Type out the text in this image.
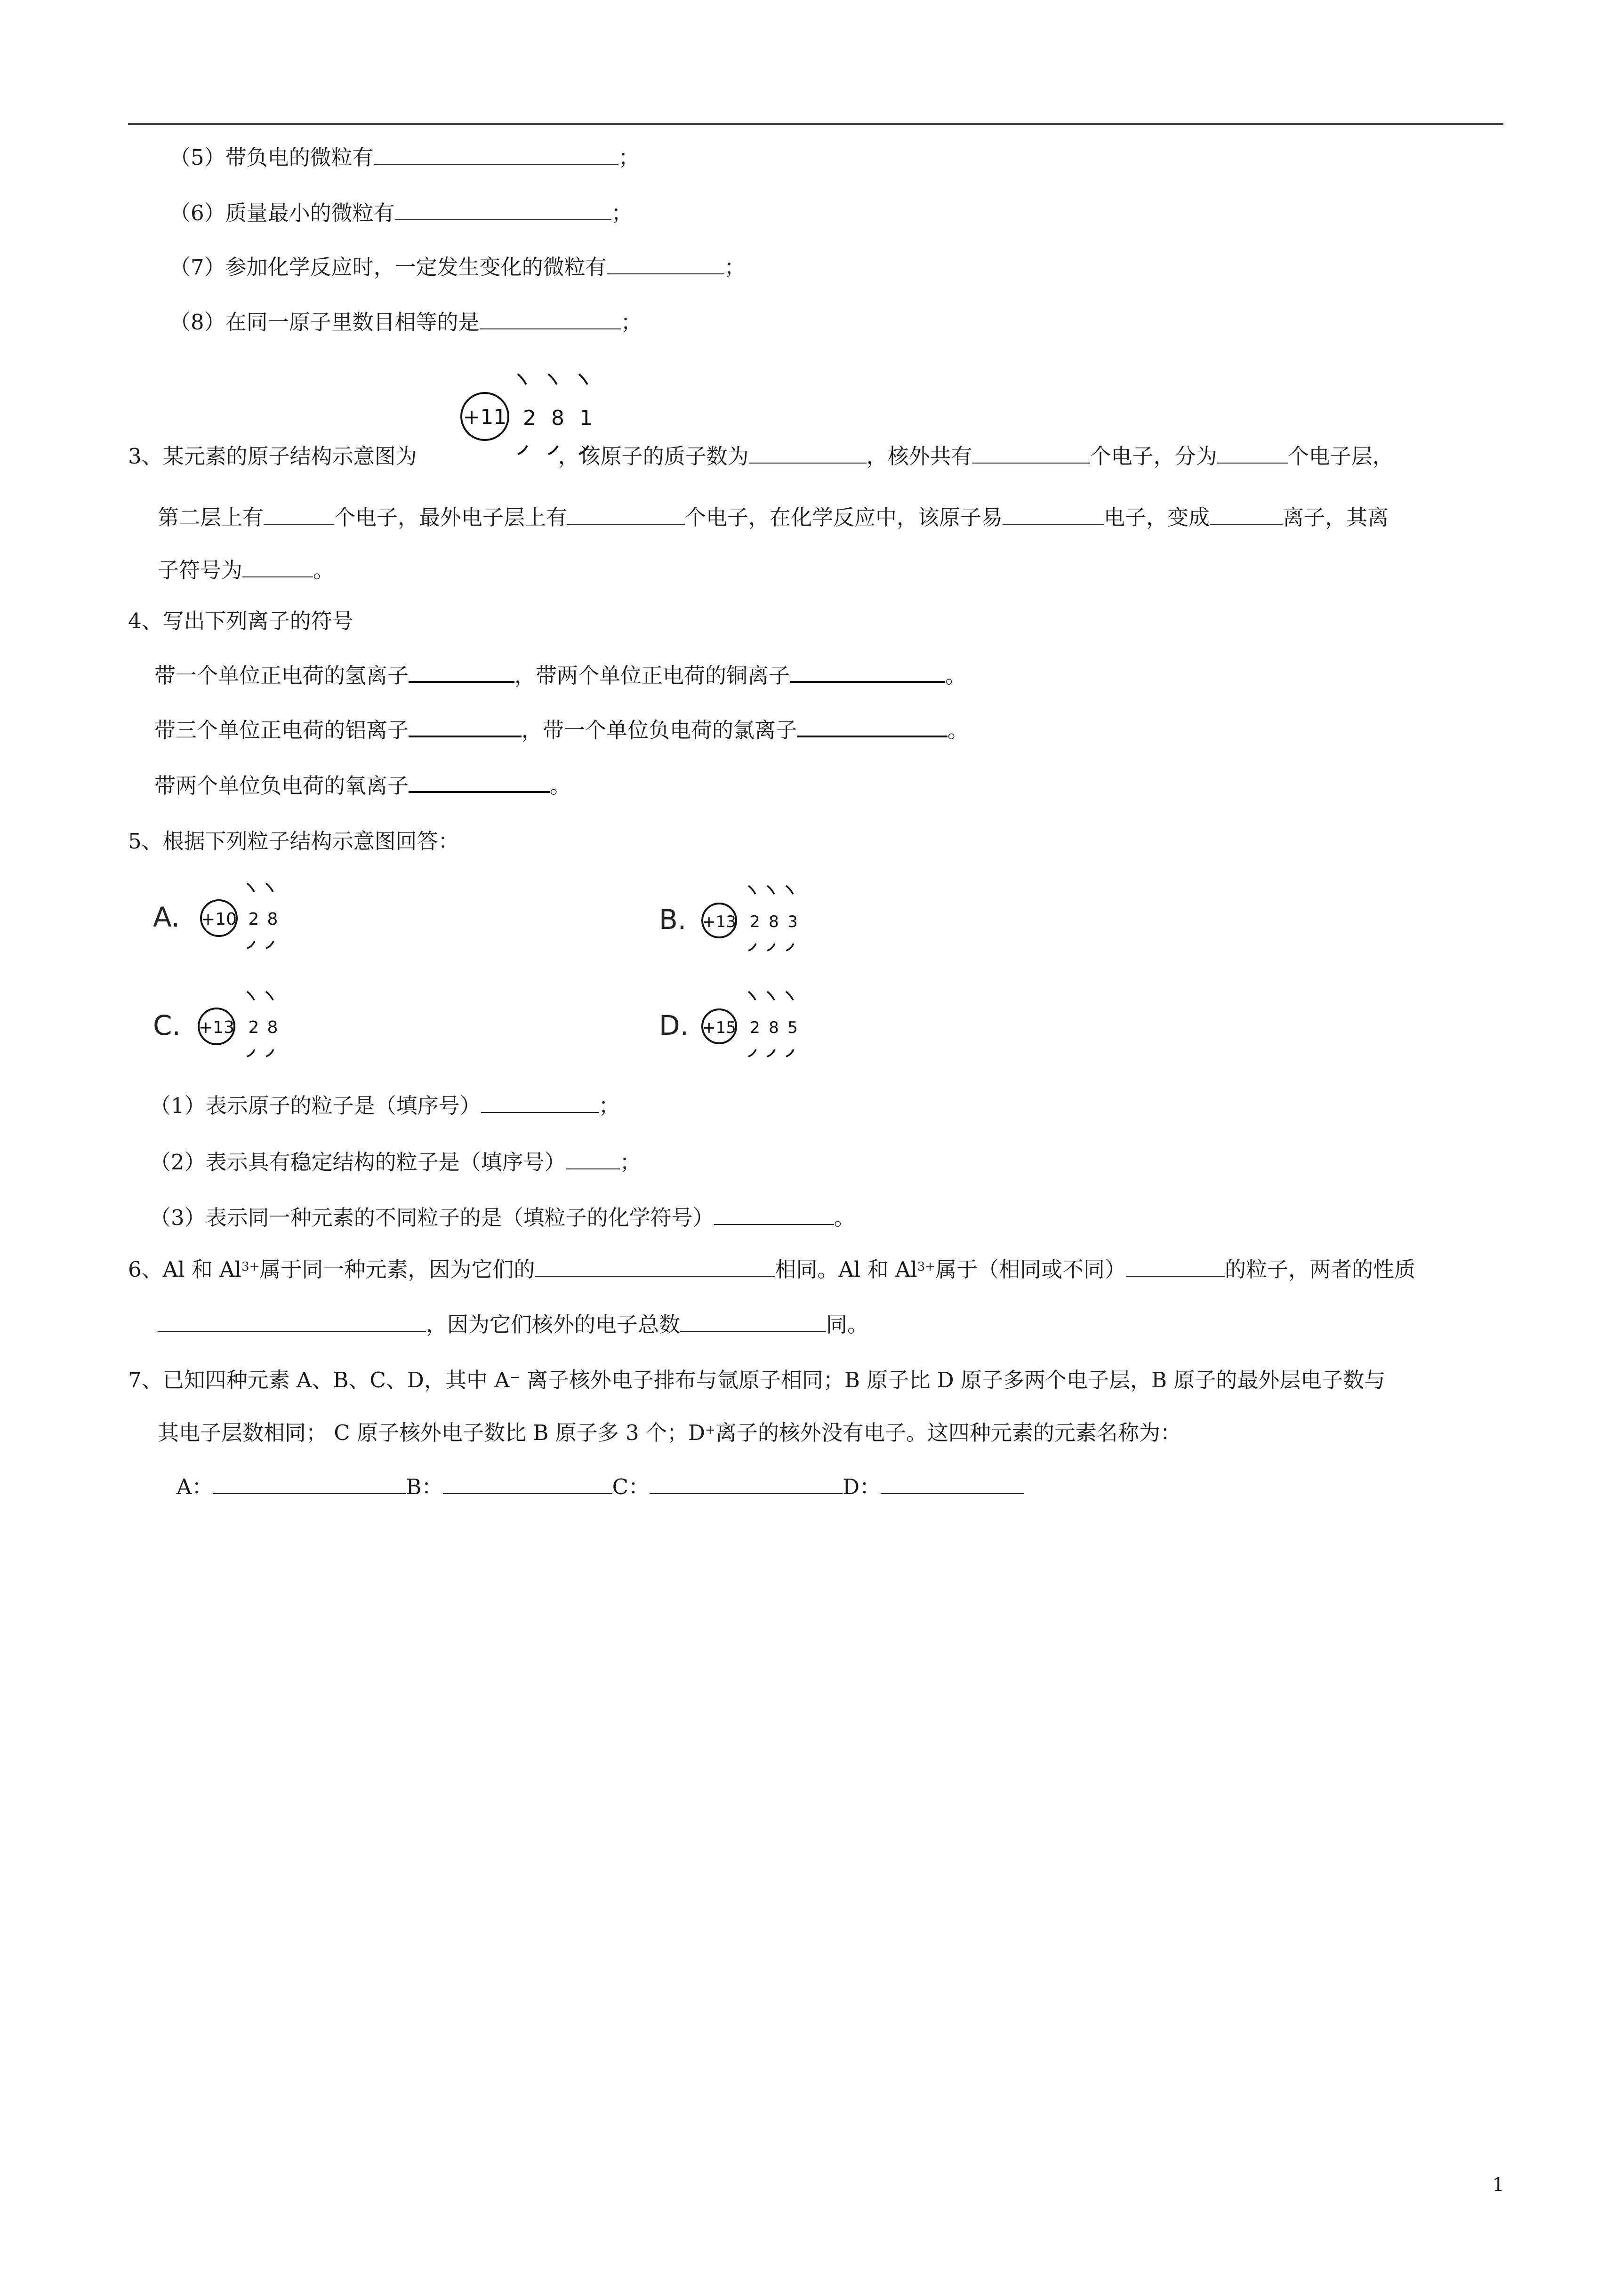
（5）带负电的微粒有	；
（6）质量最小的微粒有	；
（7）参加化学反应时，一定发生变化的微粒有	；
（8）在同一原子里数目相等的是	；
+11 2 8 1
3、某元素的原子结构示意图为	，该原子的质子数为	，核外共有	个电子，分为	个电子层，
第二层上有	个电子，最外电子层上有	个电子，在化学反应中，该原子易	电子，变成	离子，其离
子符号为	。
4、写出下列离子的符号
带一个单位正电荷的氢离子	，带两个单位正电荷的铜离子	。
带三个单位正电荷的铝离子	，带一个单位负电荷的氯离子	。
带两个单位负电荷的氧离子	。
5、根据下列粒子结构示意图回答：
A. +10 2 8	B. +13 2 8 3
C. +13 2 8	D. +15 2 8 5
（1）表示原子的粒子是（填序号）	；
（2）表示具有稳定结构的粒子是（填序号）	；
（3）表示同一种元素的不同粒子的是（填粒子的化学符号）	。
6、Al 和 $Al^{3+}$属于同一种元素，因为它们的	相同。Al 和 $Al^{3+}$属于（相同或不同）	的粒子，两者的性质
，因为它们核外的电子总数	同。
7、已知四种元素 A、B、C、D，其中 A− 离子核外电子排布与氩原子相同；B 原子比 D 原子多两个电子层，B 原子的最外层电子数与
其电子层数相同； C 原子核外电子数比 B 原子多 3 个；D+离子的核外没有电子。这四种元素的元素名称为：
A：	B：	C：	D：
1
